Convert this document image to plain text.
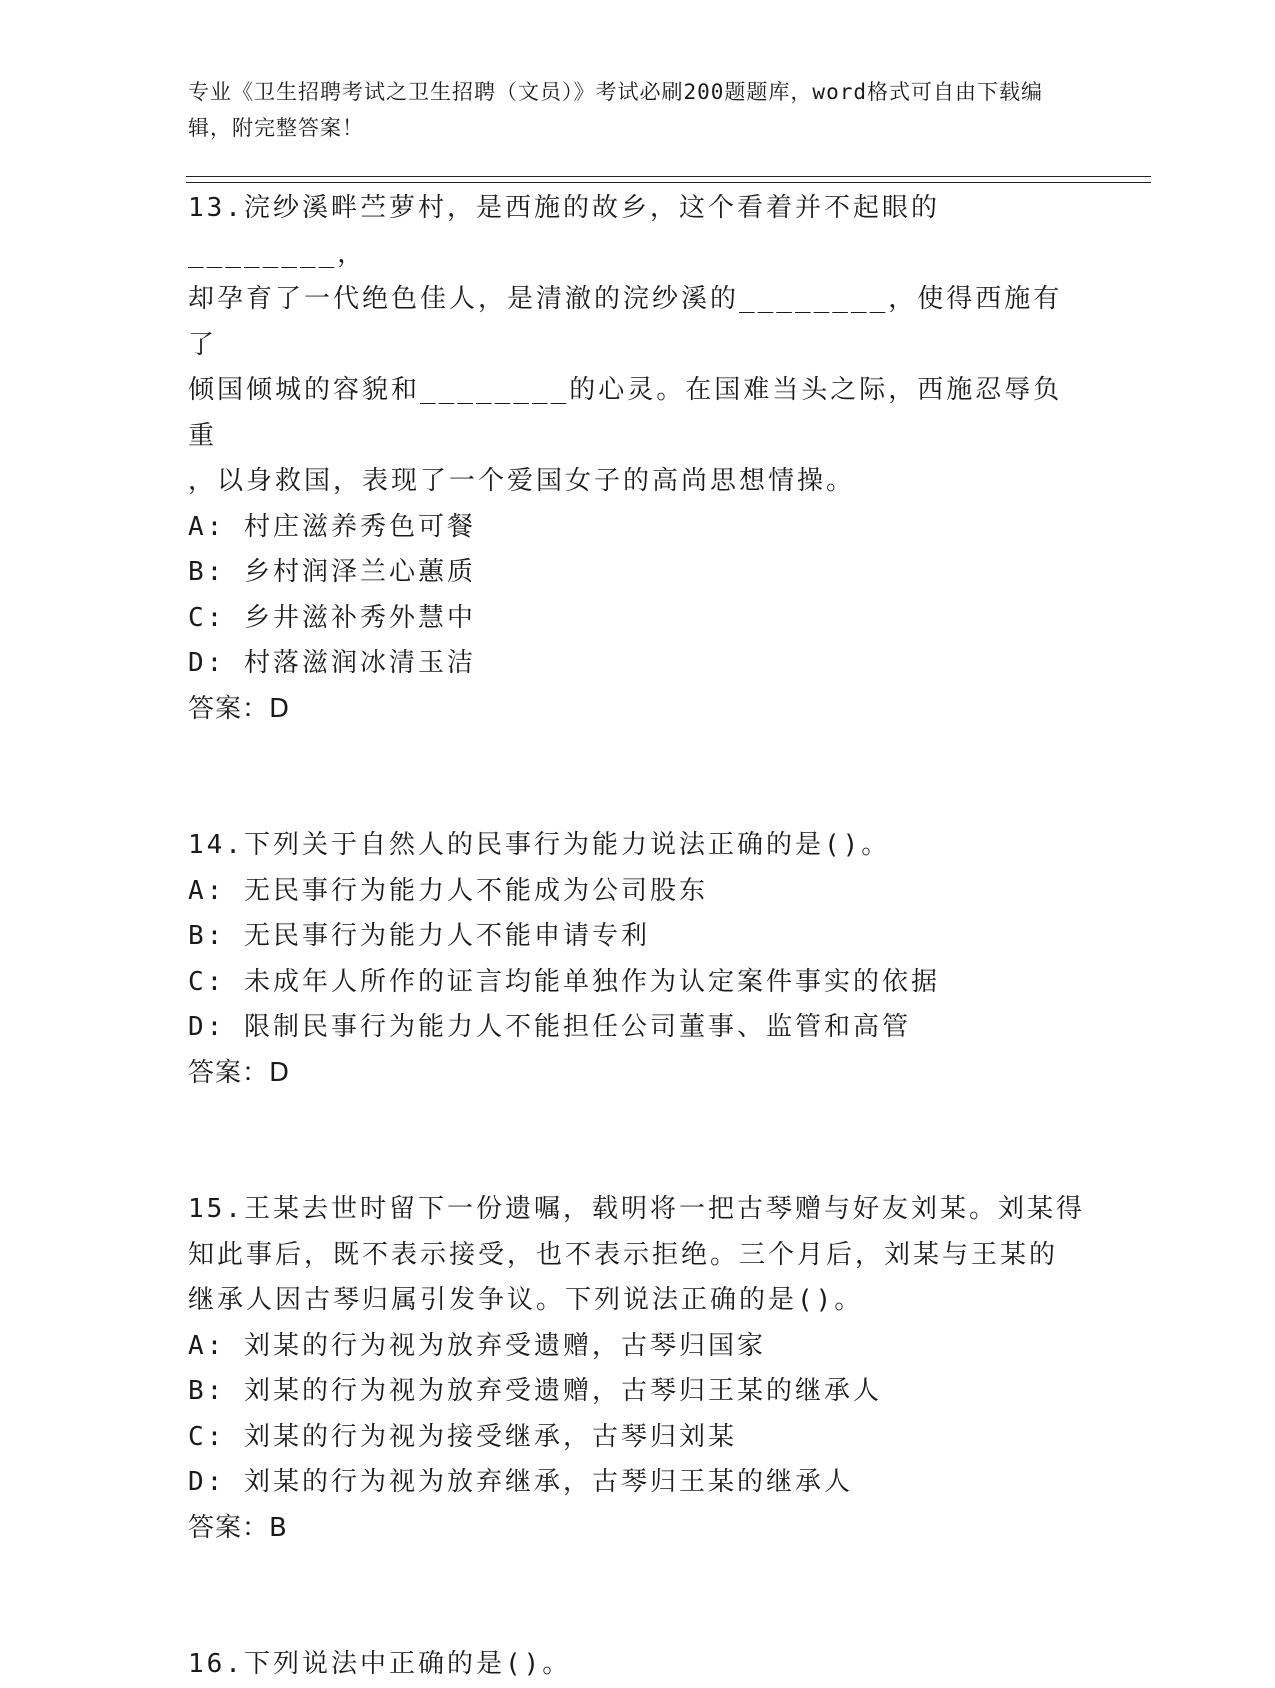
专业《卫生招聘考试之卫生招聘（文员）》考试必刷200题题库，word格式可自由下载编辑，附完整答案！

13.浣纱溪畔苎萝村，是西施的故乡，这个看着并不起眼的________，

却孕育了一代绝色佳人，是清澈的浣纱溪的________，使得西施有了

倾国倾城的容貌和________的心灵。在国难当头之际，西施忍辱负重

，以身救国，表现了一个爱国女子的高尚思想情操。

A: 村庄滋养秀色可餐

B: 乡村润泽兰心蕙质

C: 乡井滋补秀外慧中

D: 村落滋润冰清玉洁

答案：D

14.下列关于自然人的民事行为能力说法正确的是()。

A: 无民事行为能力人不能成为公司股东

B: 无民事行为能力人不能申请专利

C: 未成年人所作的证言均能单独作为认定案件事实的依据

D: 限制民事行为能力人不能担任公司董事、监管和高管

答案：D

15.王某去世时留下一份遗嘱，载明将一把古琴赠与好友刘某。刘某得

知此事后，既不表示接受，也不表示拒绝。三个月后，刘某与王某的

继承人因古琴归属引发争议。下列说法正确的是()。

A: 刘某的行为视为放弃受遗赠，古琴归国家

B: 刘某的行为视为放弃受遗赠，古琴归王某的继承人

C: 刘某的行为视为接受继承，古琴归刘某

D: 刘某的行为视为放弃继承，古琴归王某的继承人

答案：B

16.下列说法中正确的是()。
